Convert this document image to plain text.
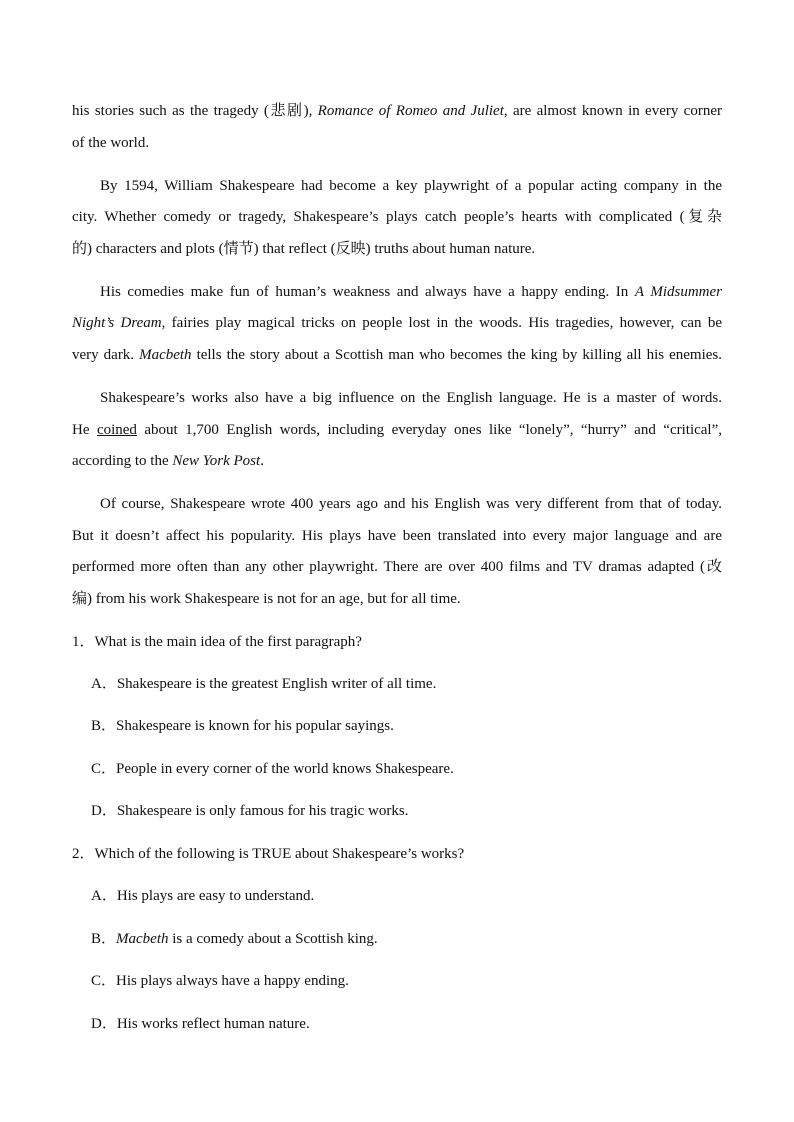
his stories such as the tragedy (悲剧), Romance of Romeo and Juliet, are almost known in every corner
of the world.
By 1594, William Shakespeare had become a key playwright of a popular acting company in the
city. Whether comedy or tragedy, Shakespeare’s plays catch people’s hearts with complicated (复杂
的) characters and plots (情节) that reflect (反映) truths about human nature.
His comedies make fun of human’s weakness and always have a happy ending. In A Midsummer
Night’s Dream, fairies play magical tricks on people lost in the woods. His tragedies, however, can be
very dark. Macbeth tells the story about a Scottish man who becomes the king by killing all his enemies.
Shakespeare’s works also have a big influence on the English language. He is a master of words.
He coined about 1,700 English words, including everyday ones like “lonely”, “hurry” and “critical”,
according to the New York Post.
Of course, Shakespeare wrote 400 years ago and his English was very different from that of today.
But it doesn’t affect his popularity. His plays have been translated into every major language and are
performed more often than any other playwright. There are over 400 films and TV dramas adapted (改
编) from his work Shakespeare is not for an age, but for all time.
1．What is the main idea of the first paragraph?
A．Shakespeare is the greatest English writer of all time.
B．Shakespeare is known for his popular sayings.
C．People in every corner of the world knows Shakespeare.
D．Shakespeare is only famous for his tragic works.
2．Which of the following is TRUE about Shakespeare’s works?
A．His plays are easy to understand.
B．Macbeth is a comedy about a Scottish king.
C．His plays always have a happy ending.
D．His works reflect human nature.
